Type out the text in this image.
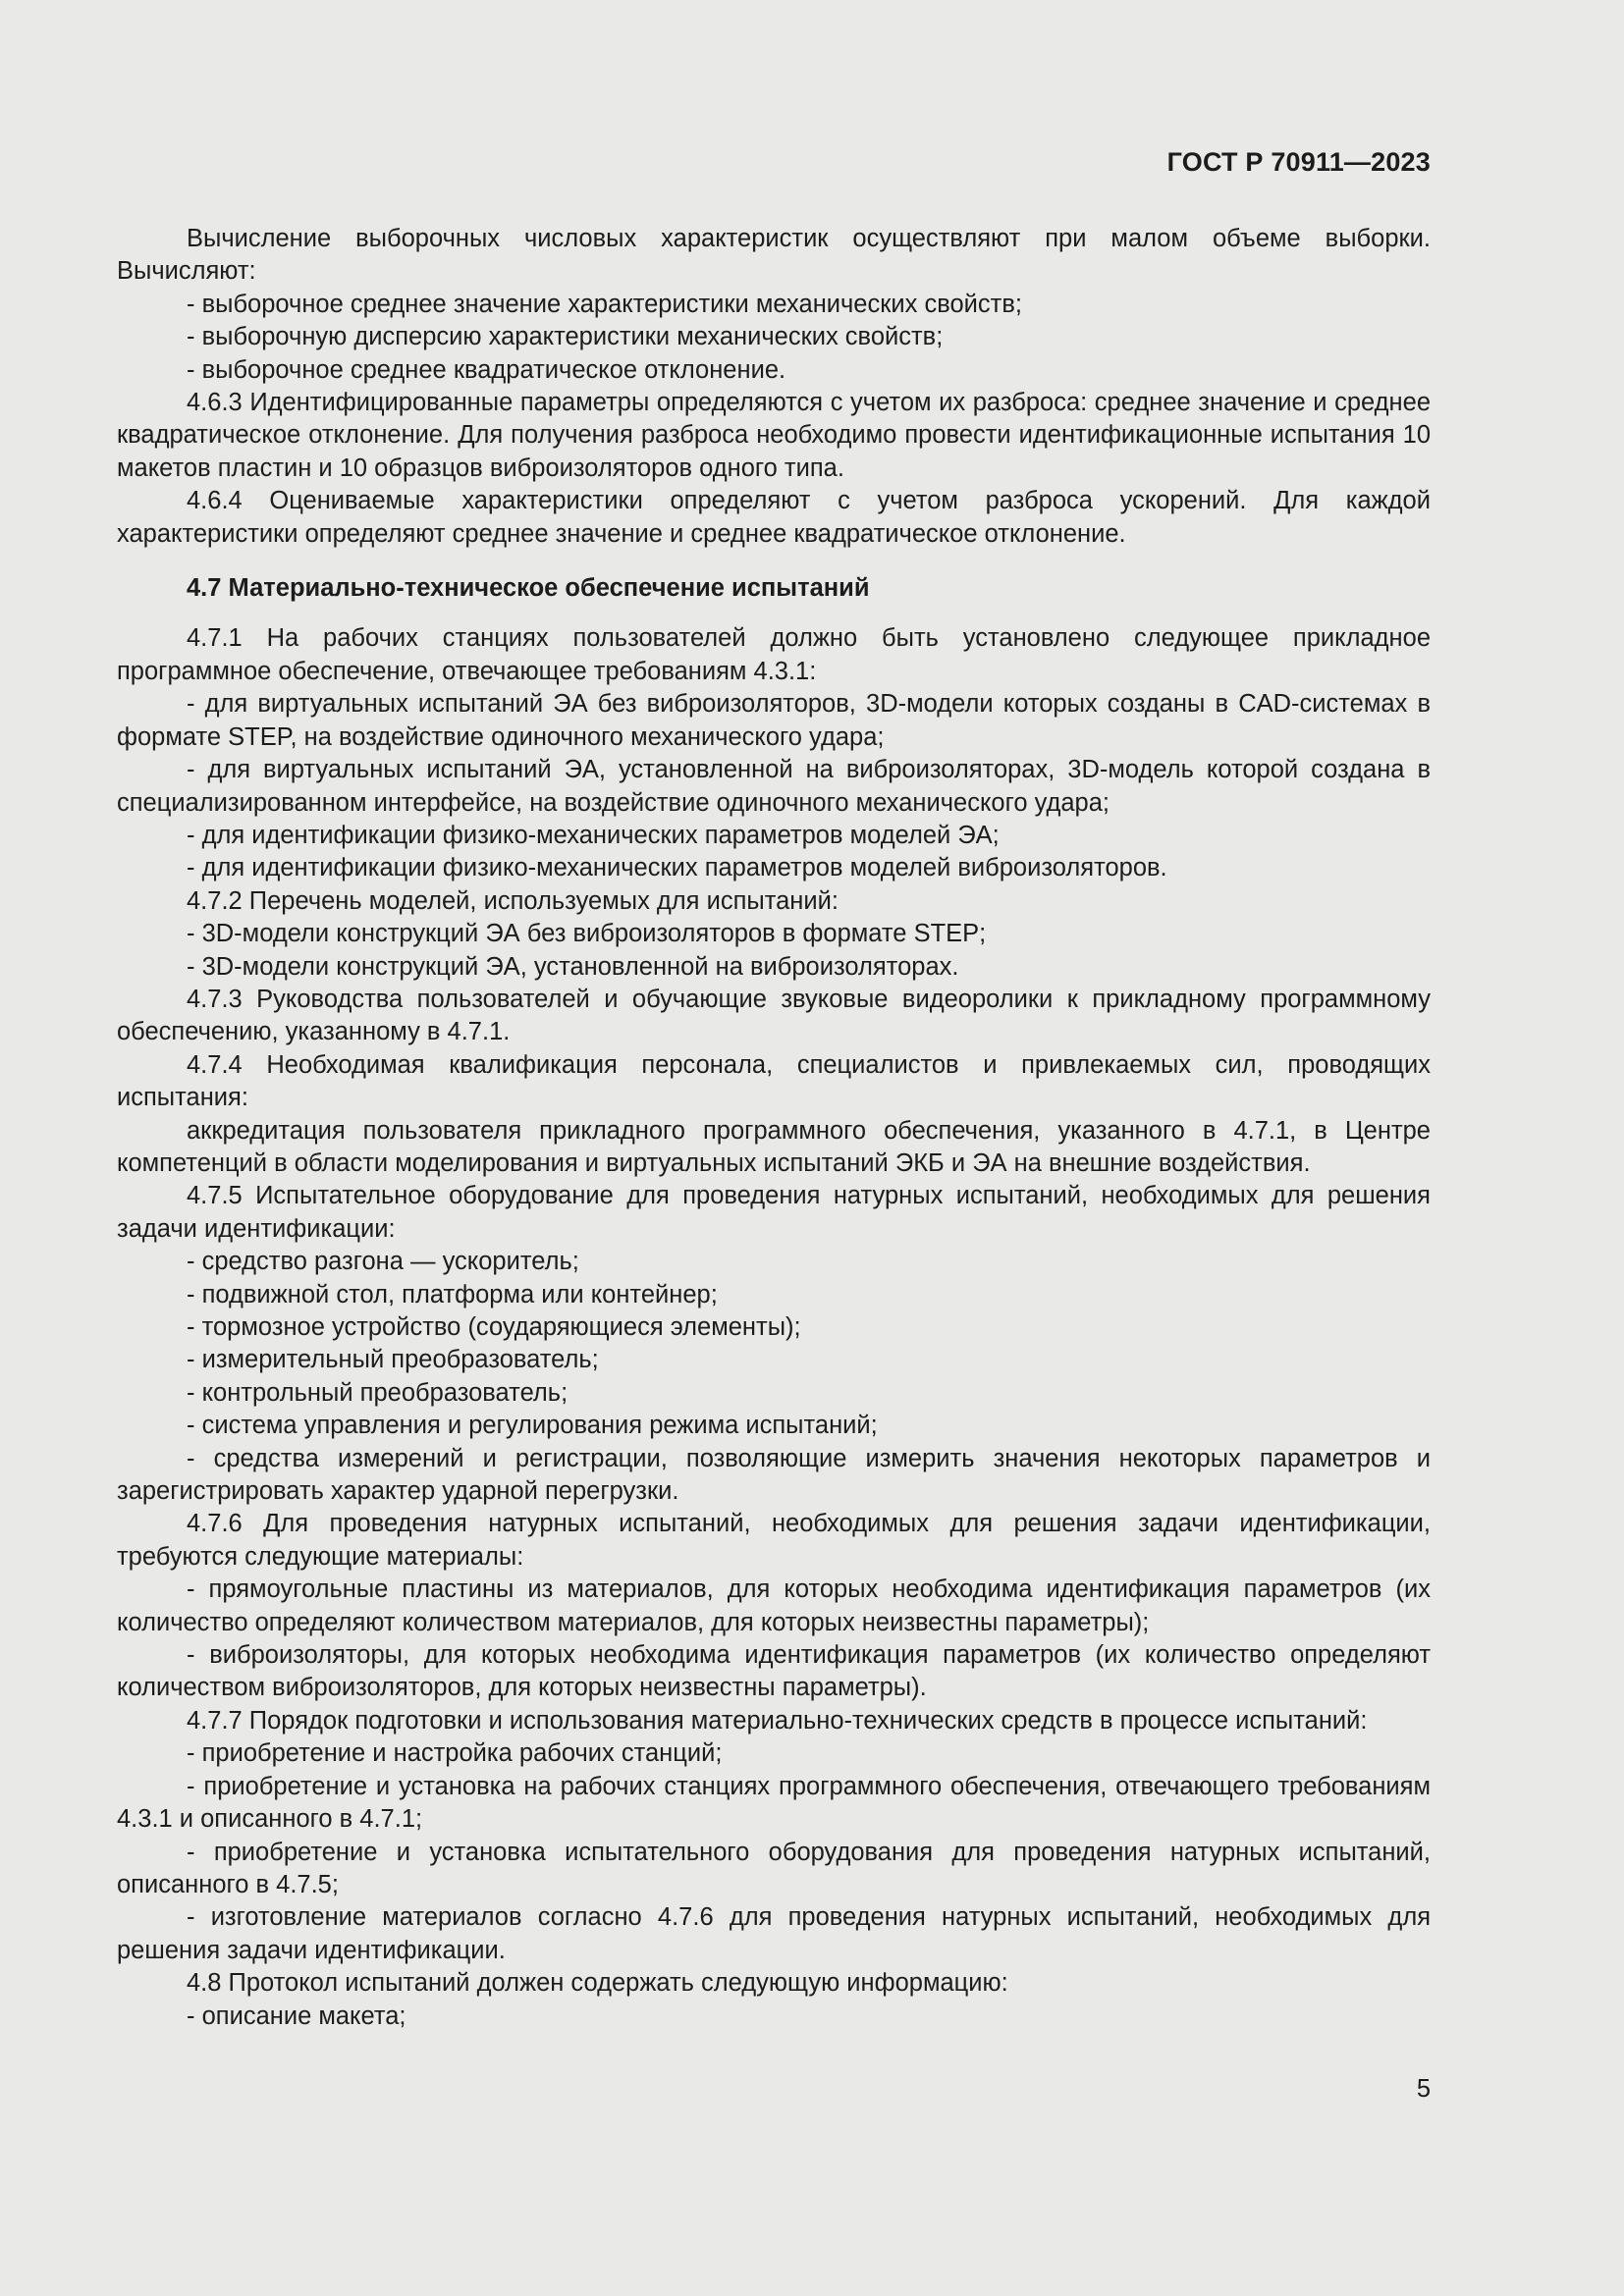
ГОСТ Р 70911—2023

Вычисление выборочных числовых характеристик осуществляют при малом объеме выборки. Вычисляют:

- выборочное среднее значение характеристики механических свойств;

- выборочную дисперсию характеристики механических свойств;

- выборочное среднее квадратическое отклонение.

4.6.3 Идентифицированные параметры определяются с учетом их разброса: среднее значение и среднее квадратическое отклонение. Для получения разброса необходимо провести идентификационные испытания 10 макетов пластин и 10 образцов виброизоляторов одного типа.

4.6.4 Оцениваемые характеристики определяют с учетом разброса ускорений. Для каждой характеристики определяют среднее значение и среднее квадратическое отклонение.

4.7 Материально-техническое обеспечение испытаний

4.7.1 На рабочих станциях пользователей должно быть установлено следующее прикладное программное обеспечение, отвечающее требованиям 4.3.1:

- для виртуальных испытаний ЭА без виброизоляторов, 3D-модели которых созданы в CAD-системах в формате STEP, на воздействие одиночного механического удара;

- для виртуальных испытаний ЭА, установленной на виброизоляторах, 3D-модель которой создана в специализированном интерфейсе, на воздействие одиночного механического удара;

- для идентификации физико-механических параметров моделей ЭА;

- для идентификации физико-механических параметров моделей виброизоляторов.

4.7.2 Перечень моделей, используемых для испытаний:

- 3D-модели конструкций ЭА без виброизоляторов в формате STEP;

- 3D-модели конструкций ЭА, установленной на виброизоляторах.

4.7.3 Руководства пользователей и обучающие звуковые видеоролики к прикладному программному обеспечению, указанному в 4.7.1.

4.7.4 Необходимая квалификация персонала, специалистов и привлекаемых сил, проводящих испытания:

аккредитация пользователя прикладного программного обеспечения, указанного в 4.7.1, в Центре компетенций в области моделирования и виртуальных испытаний ЭКБ и ЭА на внешние воздействия.

4.7.5 Испытательное оборудование для проведения натурных испытаний, необходимых для решения задачи идентификации:

- средство разгона — ускоритель;

- подвижной стол, платформа или контейнер;

- тормозное устройство (соударяющиеся элементы);

- измерительный преобразователь;

- контрольный преобразователь;

- система управления и регулирования режима испытаний;

- средства измерений и регистрации, позволяющие измерить значения некоторых параметров и зарегистрировать характер ударной перегрузки.

4.7.6 Для проведения натурных испытаний, необходимых для решения задачи идентификации, требуются следующие материалы:

- прямоугольные пластины из материалов, для которых необходима идентификация параметров (их количество определяют количеством материалов, для которых неизвестны параметры);

- виброизоляторы, для которых необходима идентификация параметров (их количество определяют количеством виброизоляторов, для которых неизвестны параметры).

4.7.7 Порядок подготовки и использования материально-технических средств в процессе испытаний:

- приобретение и настройка рабочих станций;

- приобретение и установка на рабочих станциях программного обеспечения, отвечающего требованиям 4.3.1 и описанного в 4.7.1;

- приобретение и установка испытательного оборудования для проведения натурных испытаний, описанного в 4.7.5;

- изготовление материалов согласно 4.7.6 для проведения натурных испытаний, необходимых для решения задачи идентификации.

4.8 Протокол испытаний должен содержать следующую информацию:

- описание макета;

5
